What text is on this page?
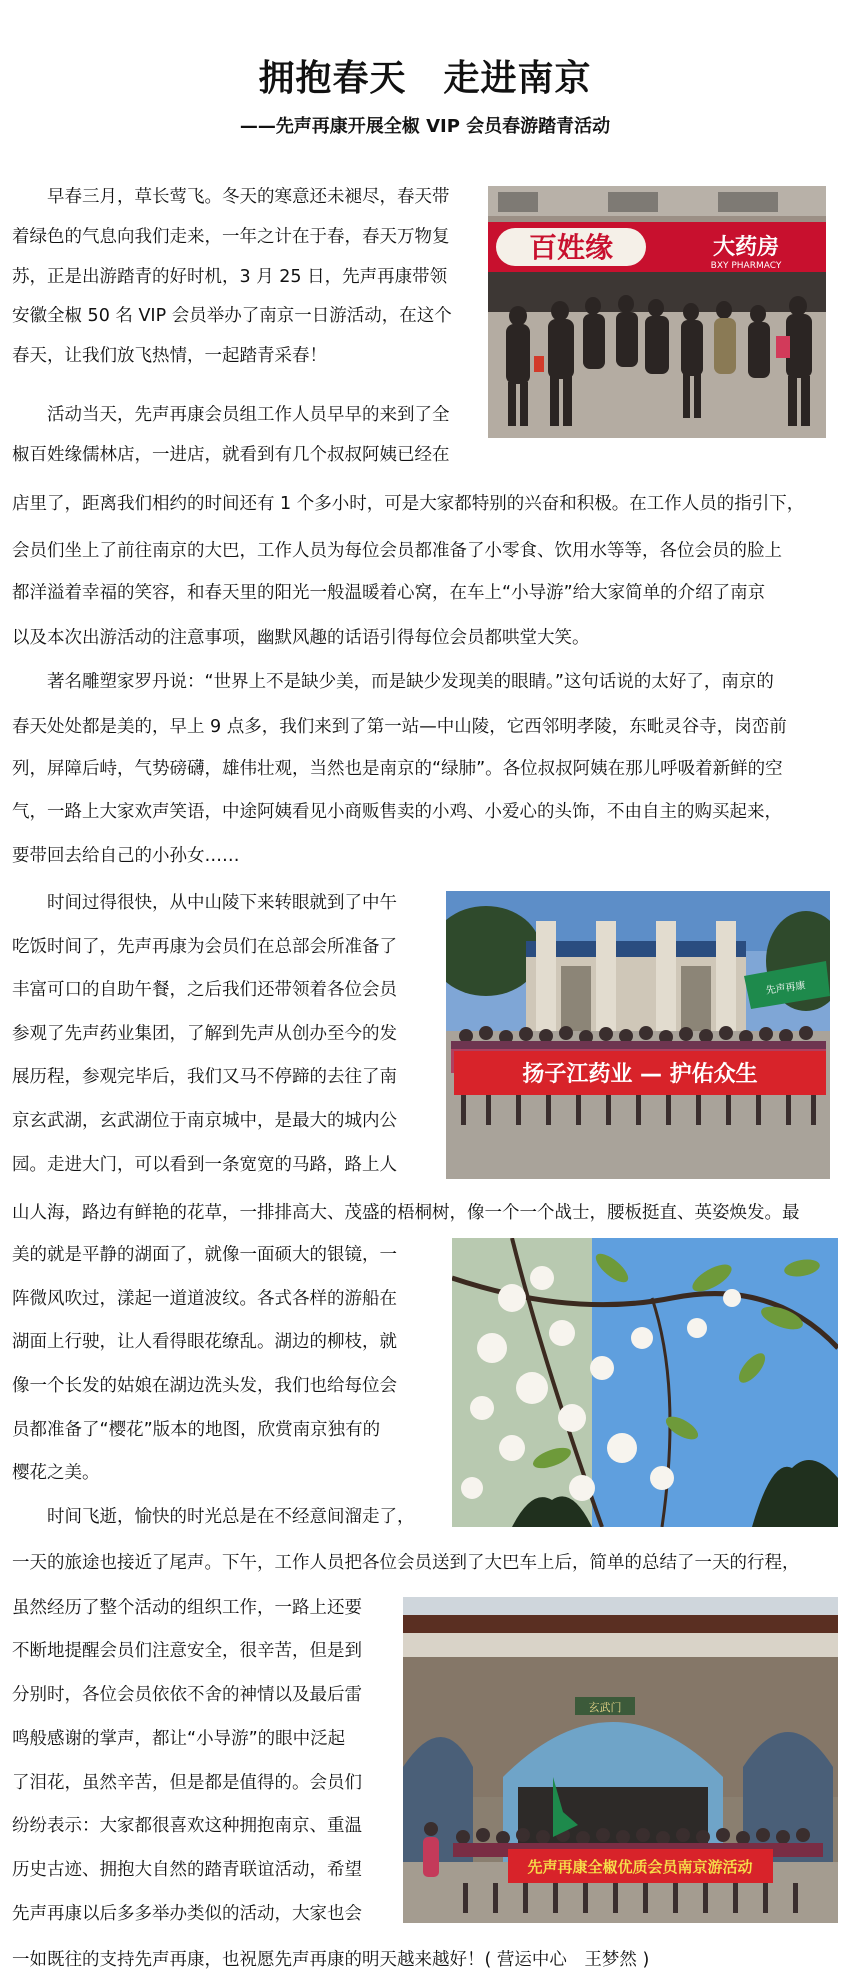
拥抱春天　走进南京
——先声再康开展全椒 VIP 会员春游踏青活动
早春三月，草长莺飞。冬天的寒意还未褪尽，春天带
着绿色的气息向我们走来，一年之计在于春，春天万物复
苏，正是出游踏青的好时机，3 月 25 日，先声再康带领
安徽全椒 50 名 VIP 会员举办了南京一日游活动，在这个
春天，让我们放飞热情，一起踏青采春！
活动当天，先声再康会员组工作人员早早的来到了全
椒百姓缘儒林店，一进店，就看到有几个叔叔阿姨已经在
店里了，距离我们相约的时间还有 1 个多小时，可是大家都特别的兴奋和积极。在工作人员的指引下，
会员们坐上了前往南京的大巴，工作人员为每位会员都准备了小零食、饮用水等等，各位会员的脸上
都洋溢着幸福的笑容，和春天里的阳光一般温暖着心窝，在车上“小导游”给大家简单的介绍了南京
以及本次出游活动的注意事项，幽默风趣的话语引得每位会员都哄堂大笑。
著名雕塑家罗丹说：“世界上不是缺少美，而是缺少发现美的眼睛。”这句话说的太好了，南京的
春天处处都是美的，早上 9 点多，我们来到了第一站—中山陵，它西邻明孝陵，东毗灵谷寺，岗峦前
列，屏障后峙，气势磅礴，雄伟壮观，当然也是南京的“绿肺”。各位叔叔阿姨在那儿呼吸着新鲜的空
气，一路上大家欢声笑语，中途阿姨看见小商贩售卖的小鸡、小爱心的头饰，不由自主的购买起来，
要带回去给自己的小孙女……
时间过得很快，从中山陵下来转眼就到了中午
吃饭时间了，先声再康为会员们在总部会所准备了
丰富可口的自助午餐，之后我们还带领着各位会员
参观了先声药业集团，了解到先声从创办至今的发
展历程，参观完毕后，我们又马不停蹄的去往了南
京玄武湖，玄武湖位于南京城中，是最大的城内公
园。走进大门，可以看到一条宽宽的马路，路上人
山人海，路边有鲜艳的花草，一排排高大、茂盛的梧桐树，像一个一个战士，腰板挺直、英姿焕发。最
美的就是平静的湖面了，就像一面硕大的银镜，一
阵微风吹过，漾起一道道波纹。各式各样的游船在
湖面上行驶，让人看得眼花缭乱。湖边的柳枝，就
像一个长发的姑娘在湖边洗头发，我们也给每位会
员都准备了“樱花”版本的地图，欣赏南京独有的
樱花之美。
时间飞逝，愉快的时光总是在不经意间溜走了，
一天的旅途也接近了尾声。下午，工作人员把各位会员送到了大巴车上后，简单的总结了一天的行程，
虽然经历了整个活动的组织工作，一路上还要
不断地提醒会员们注意安全，很辛苦，但是到
分别时，各位会员依依不舍的神情以及最后雷
鸣般感谢的掌声，都让“小导游”的眼中泛起
了泪花，虽然辛苦，但是都是值得的。会员们
纷纷表示：大家都很喜欢这种拥抱南京、重温
历史古迹、拥抱大自然的踏青联谊活动，希望
先声再康以后多多举办类似的活动，大家也会
一如既往的支持先声再康，也祝愿先声再康的明天越来越好！( 营运中心　王梦然 )
百姓缘	大药房
BXY PHARMACY
先声再康
扬子江药业 — 护佑众生
玄武门
先声再康全椒优质会员南京游活动
